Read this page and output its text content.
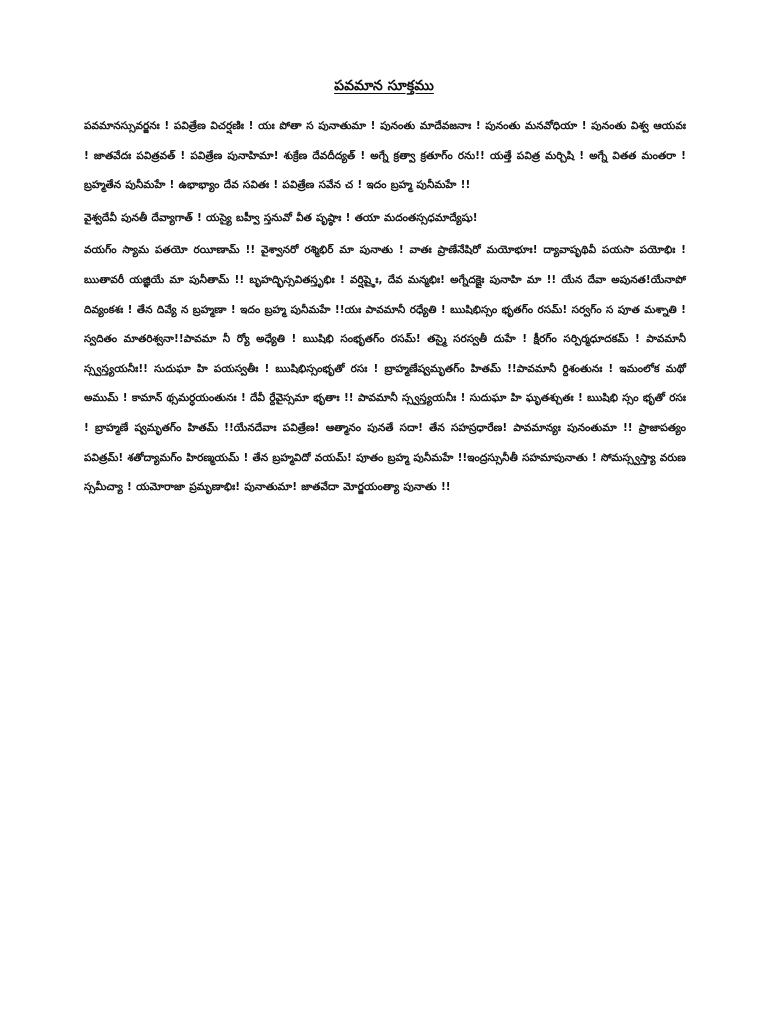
పవమాన సూక్తము

పవమానస్సువర్జనః ! పవిత్రేణ విచర్షణిః ! యః పోతా స పునాతుమా ! పునంతు మాదేవజనాః ! పునంతు మనవోధియా ! పునంతు విశ్వ ఆయవః ! జాతవేదః పవిత్రవత్ ! పవిత్రేణ పునాహిమా! శుక్రేణ దేవదీద్యత్ ! అగ్నే క్రత్వా క్రతూగ్ం రను!! యత్తే పవిత్ర మర్చిషి ! అగ్నే వితత మంతరా ! బ్రహ్మతేన పునీమహే ! ఉభాభ్యాం దేవ సవితః ! పవిత్రేణ సవేన చ ! ఇదం బ్రహ్మ పునీమహే !!

వైశ్వదేవీ పునతీ దేవ్యాగాత్ ! యస్యై బహ్వీ స్తనువో వీత పృష్ఠాః ! తయా మదంతస్సధమాద్యేషు!

వయగ్ం స్యామ పతయో రయీణామ్ !! వైశ్వానరో రశ్మిభిర్ మా పునాతు ! వాతః ప్రాణేనేషిరో మయోభూః! ద్యావాపృథివీ పయసా పయోభిః ! ఋతావరీ యజ్ఞియే మా పునీతామ్ !! బృహద్భిస్సవితస్తృభిః ! వర్షిష్ఠైః, దేవ మన్మభిః! అగ్నేదక్షైః పునాహి మా !! యేన దేవా అపునత!యేనాపో దివ్యంకశః ! తేన దివ్యే న బ్రహ్మణా ! ఇదం బ్రహ్మ పునీమహే !!యః పావమానీ రధ్యేతి ! ఋషిభిస్సం భృతగ్ం రసమ్! సర్వగ్ం స పూత మశ్నాతి ! స్వదితం మాతరిశ్వనా!!పావమా నీ ర్యో అధ్యేతి ! ఋషిభి సంభృతగ్ం రసమ్! తస్మై సరస్వతీ దుహే ! క్షీరగ్ం సర్పిర్మధూదకమ్ ! పావమానీ స్స్వస్త్యయనీః!! సుదుఘా హి పయస్వతీః ! ఋషిభిస్సంభృతో రసః ! బ్రాహ్మణేష్వమృతగ్ం హితమ్ !!పావమానీ ర్దిశంతునః ! ఇమంలోక మథో అముమ్ ! కామాన్ థ్సమర్ధయంతునః ! దేవీ ర్దేవైస్సమా భృతాః !! పావమానీ స్స్వస్త్యయనీః ! సుదుఘా హి ఘృతశ్చుతః ! ఋషిభి స్సం భృతో రసః ! బ్రాహ్మణే ష్వమృతగ్ం హితమ్ !!యేనదేవాః పవిత్రేణ! ఆత్మానం పునతే సదా! తేన సహస్రధారేణ! పావమాన్యః పునంతుమా !! ప్రాజాపత్యం పవిత్రమ్! శతోద్యామగ్ం హిరణ్మయమ్ ! తేన బ్రహ్మవిదో వయమ్! పూతం బ్రహ్మ పునీమహే !!ఇంద్రస్సునీతీ సహమాపునాతు ! సోమస్స్వస్త్యా వరుణ స్సమీచ్యా ! యమోరాజా ప్రమృణాభిః! పునాతుమా! జాతవేదా మోర్జయంత్యా పునాతు !!
